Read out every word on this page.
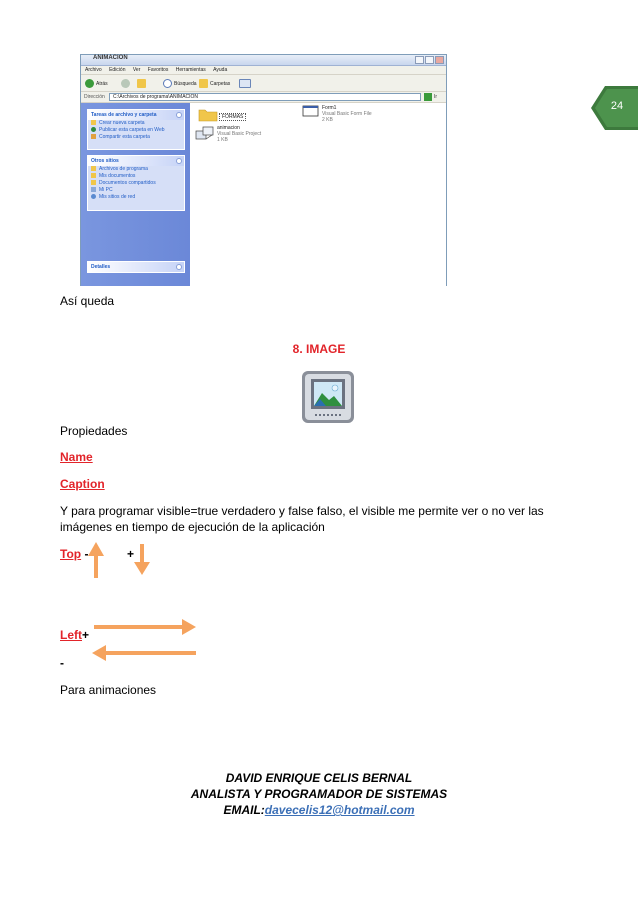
24
ANIMACION
Archivo Edición Ver Favoritos Herramientas Ayuda
Atrás	Búsqueda	Carpetas
Dirección	C:\Archivos de programa\ANIMACION	Ir
Tareas de archivo y carpeta
Crear nueva carpeta
Publicar esta carpeta en Web
Compartir esta carpeta
Otros sitios
Archivos de programa
Mis documentos
Documentos compartidos
Mi PC
Mis sitios de red
Detalles
FORMAS
Form1
Visual Basic Form File
2 KB
animacion
Visual Basic Project
1 KB
Así queda
8. IMAGE
Propiedades
Name
Caption
Y para programar visible=true verdadero y false falso, el visible me permite ver o no ver las
imágenes en tiempo de ejecución de la aplicación
Top -	+
Left+
-
Para animaciones
DAVID ENRIQUE CELIS BERNAL
ANALISTA Y PROGRAMADOR DE SISTEMAS
EMAIL:davecelis12@hotmail.com
